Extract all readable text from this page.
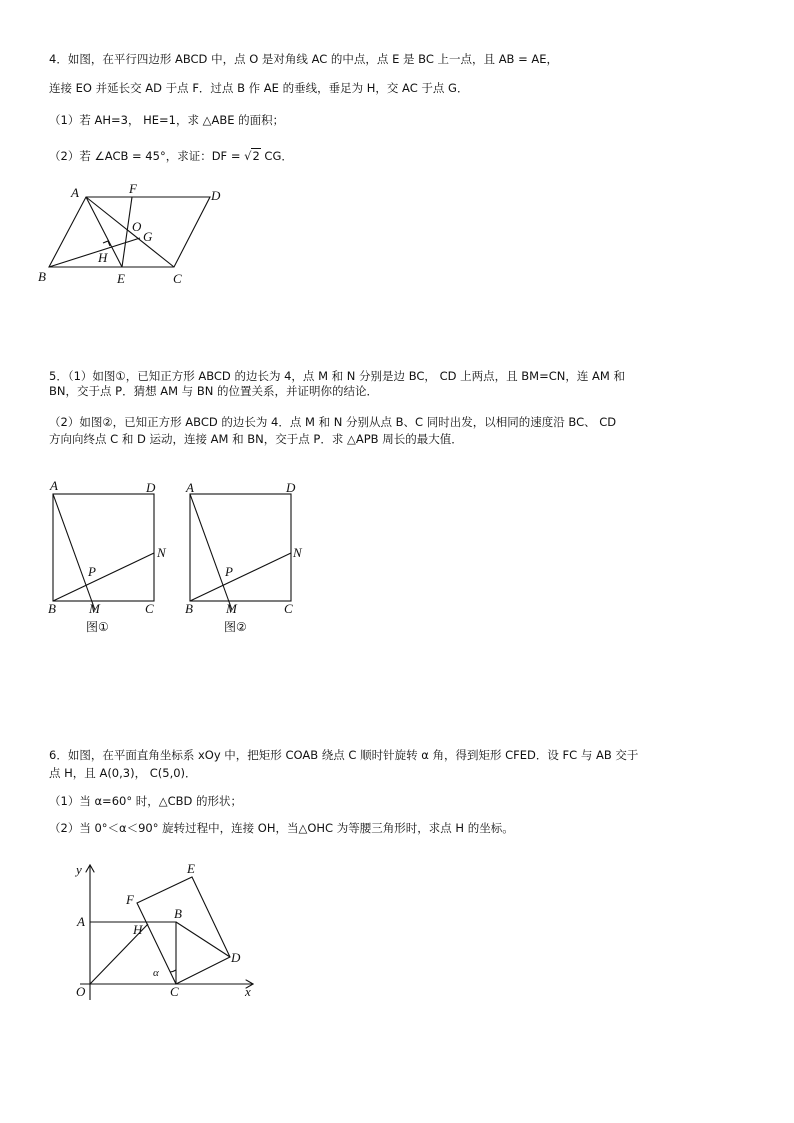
4．如图，在平行四边形 ABCD 中，点 O 是对角线 AC 的中点，点 E 是 BC 上一点，且 AB = AE，
连接 EO 并延长交 AD 于点 F．过点 B 作 AE 的垂线，垂足为 H，交 AC 于点 G．
（1）若 AH=3， HE=1，求 △ABE 的面积；
（2）若 ∠ACB = 45°，求证：DF = √2 CG．
5．（1）如图①，已知正方形 ABCD 的边长为 4，点 M 和 N 分别是边 BC， CD 上两点，且 BM=CN，连 AM 和
BN，交于点 P．猜想 AM 与 BN 的位置关系，并证明你的结论．
（2）如图②，已知正方形 ABCD 的边长为 4．点 M 和 N 分别从点 B、C 同时出发，以相同的速度沿 BC、 CD
方向向终点 C 和 D 运动，连接 AM 和 BN，交于点 P．求 △APB 周长的最大值．
6．如图，在平面直角坐标系 xOy 中，把矩形 COAB 绕点 C 顺时针旋转 α 角，得到矩形 CFED．设 FC 与 AB 交于
点 H，且 A(0,3)， C(5,0)．
（1）当 α=60° 时，△CBD 的形状；
（2）当 0°＜α＜90° 旋转过程中，连接 OH，当△OHC 为等腰三角形时，求点 H 的坐标。
A	F	D
O
G
H
B	E	C
A	D
N
P
B	M	C
图①
A	D
N
P
B	M	C
图②
y
x
O
A
B
C
D
E
F
H
α
